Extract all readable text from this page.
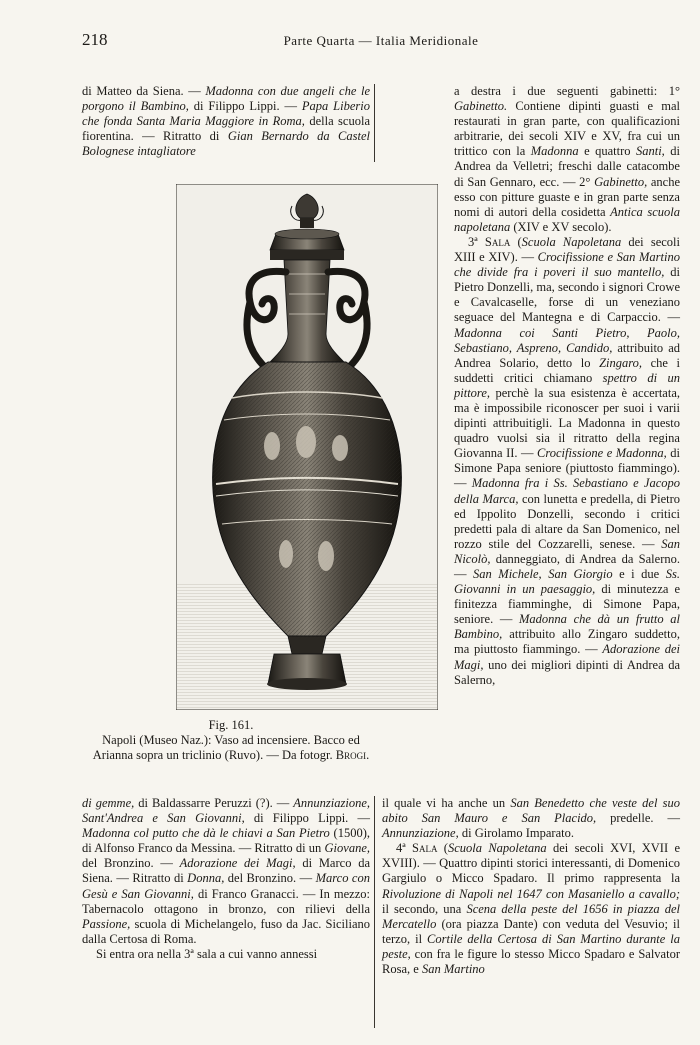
218	Parte Quarta — Italia Meridionale

di Matteo da Siena. — Madonna con due angeli che le porgono il Bambino, di Filippo Lippi. — Papa Liberio che fonda Santa Maria Maggiore in Roma, della scuola fiorentina. — Ritratto di Gian Bernardo da Castel Bolognese intagliatore

a destra i due seguenti gabinetti: 1° Gabinetto. Contiene dipinti guasti e mal restaurati in gran parte, con qualificazioni arbitrarie, dei secoli XIV e XV, fra cui un trittico con la Madonna e quattro Santi, di Andrea da Velletri; freschi dalle catacombe di San Gennaro, ecc. — 2° Gabinetto, anche esso con pitture guaste e in gran parte senza nomi di autori della cosidetta Antica scuola napoletana (XIV e XV secolo).

3ª Sala (Scuola Napoletana dei secoli XIII e XIV). — Crocifissione e San Martino che divide fra i poveri il suo mantello, di Pietro Donzelli, ma, secondo i signori Crowe e Cavalcaselle, forse di un veneziano seguace del Mantegna e di Carpaccio. — Madonna coi Santi Pietro, Paolo, Sebastiano, Aspreno, Candido, attribuito ad Andrea Solario, detto lo Zingaro, che i suddetti critici chiamano spettro di un pittore, perchè la sua esistenza è accertata, ma è impossibile riconoscer per suoi i varii dipinti attribuitigli. La Madonna in questo quadro vuolsi sia il ritratto della regina Giovanna II. — Crocifissione e Madonna, di Simone Papa seniore (piuttosto fiammingo). — Madonna fra i Ss. Sebastiano e Jacopo della Marca, con lunetta e predella, di Pietro ed Ippolito Donzelli, secondo i critici predetti pala di altare da San Domenico, nel rozzo stile del Cozzarelli, senese. — San Nicolò, danneggiato, di Andrea da Salerno. — San Michele, San Giorgio e i due Ss. Giovanni in un paesaggio, di minutezza e finitezza fiamminghe, di Simone Papa, seniore. — Madonna che dà un frutto al Bambino, attribuito allo Zingaro suddetto, ma piuttosto fiammingo. — Adorazione dei Magi, uno dei migliori dipinti di Andrea da Salerno,

Fig. 161.
Napoli (Museo Naz.): Vaso ad incensiere. Bacco ed Arianna sopra un triclinio (Ruvo). — Da fotogr. Brogi.

di gemme, di Baldassarre Peruzzi (?). — Annunziazione, Sant'Andrea e San Giovanni, di Filippo Lippi. — Madonna col putto che dà le chiavi a San Pietro (1500), di Alfonso Franco da Messina. — Ritratto di un Giovane, del Bronzino. — Adorazione dei Magi, di Marco da Siena. — Ritratto di Donna, del Bronzino. — Marco con Gesù e San Giovanni, di Franco Granacci. — In mezzo: Tabernacolo ottagono in bronzo, con rilievi della Passione, scuola di Michelangelo, fuso da Jac. Siciliano dalla Certosa di Roma.

Si entra ora nella 3ª sala a cui vanno annessi

il quale vi ha anche un San Benedetto che veste del suo abito San Mauro e San Placido, predelle. — Annunziazione, di Girolamo Imparato.

4ª Sala (Scuola Napoletana dei secoli XVI, XVII e XVIII). — Quattro dipinti storici interessanti, di Domenico Gargiulo o Micco Spadaro. Il primo rappresenta la Rivoluzione di Napoli nel 1647 con Masaniello a cavallo; il secondo, una Scena della peste del 1656 in piazza del Mercatello (ora piazza Dante) con veduta del Vesuvio; il terzo, il Cortile della Certosa di San Martino durante la peste, con fra le figure lo stesso Micco Spadaro e Salvator Rosa, e San Martino
